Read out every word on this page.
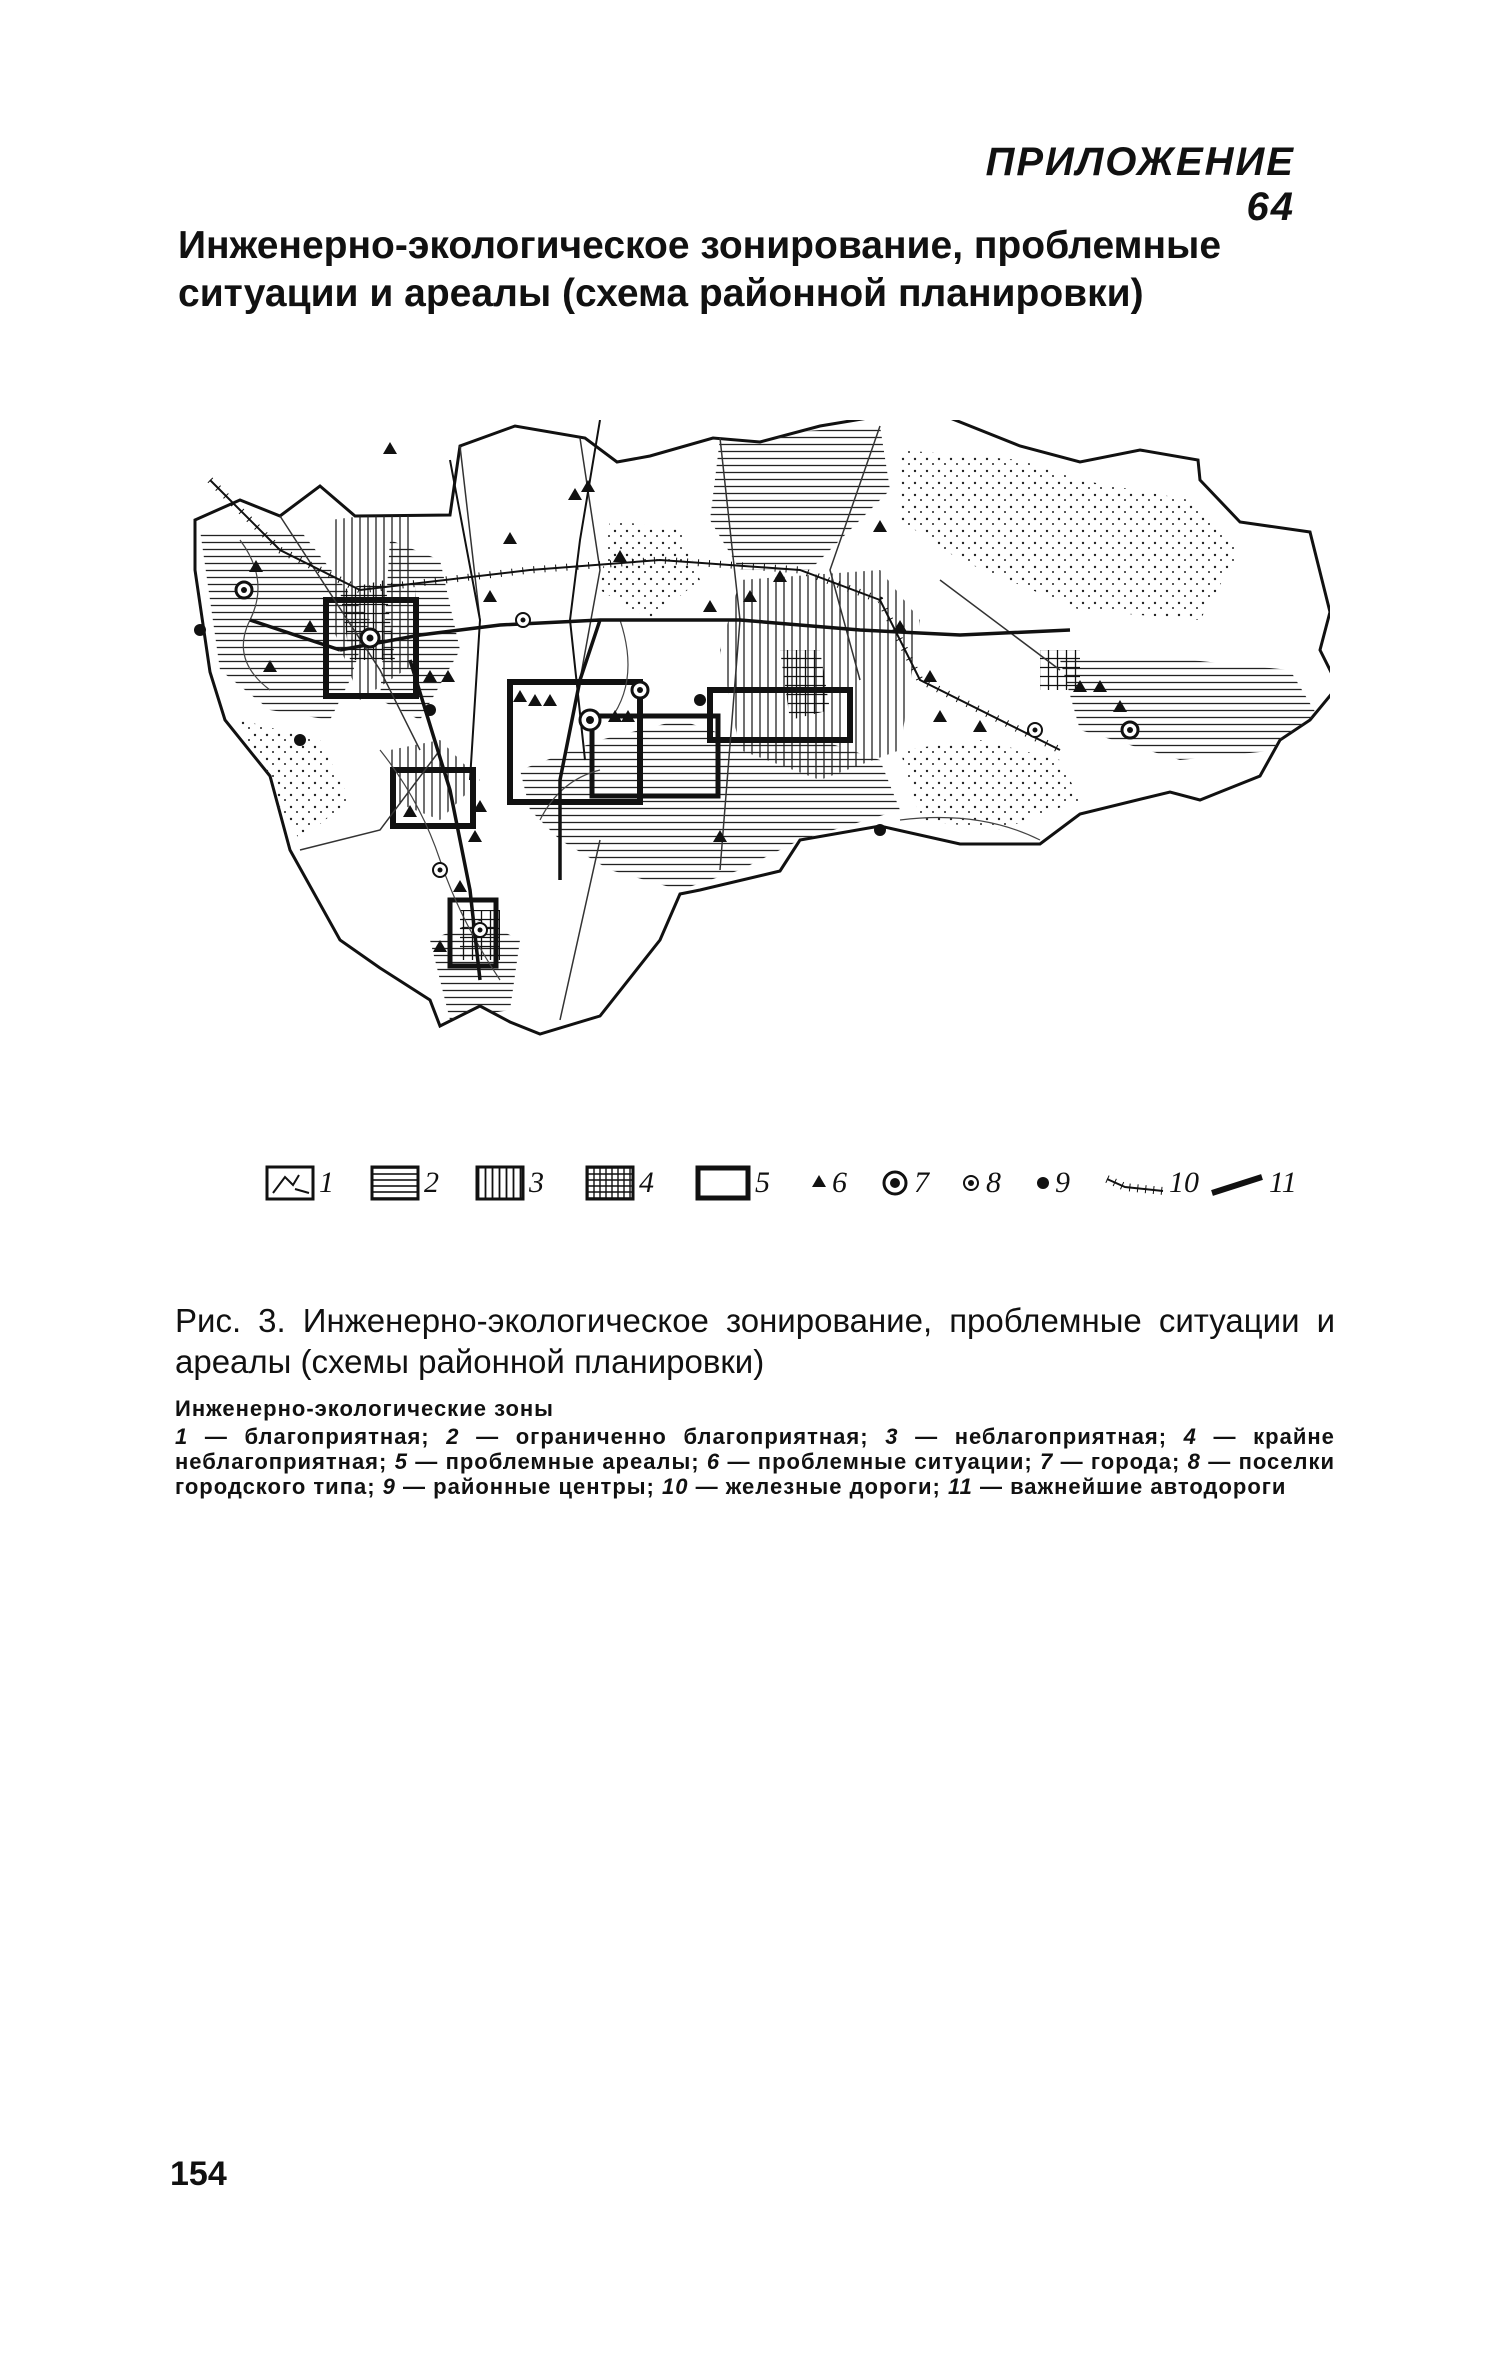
ПРИЛОЖЕНИЕ 64
Инженерно-экологическое зонирование, проблемные ситуации и ареалы (схема районной планировки)
1	2	3	4	5 6 7 8 9	10 11

Рис. 3. Инженерно-экологическое зонирование, проблемные ситуации и ареалы (схемы районной планировки)

Инженерно-экологические зоны

1 — благоприятная; 2 — ограниченно благоприятная; 3 — неблагоприятная; 4 — крайне неблагоприятная; 5 — проблемные ареалы; 6 — проблемные ситуации; 7 — города; 8 — поселки городского типа; 9 — районные центры; 10 — железные дороги; 11 — важнейшие автодороги

154
